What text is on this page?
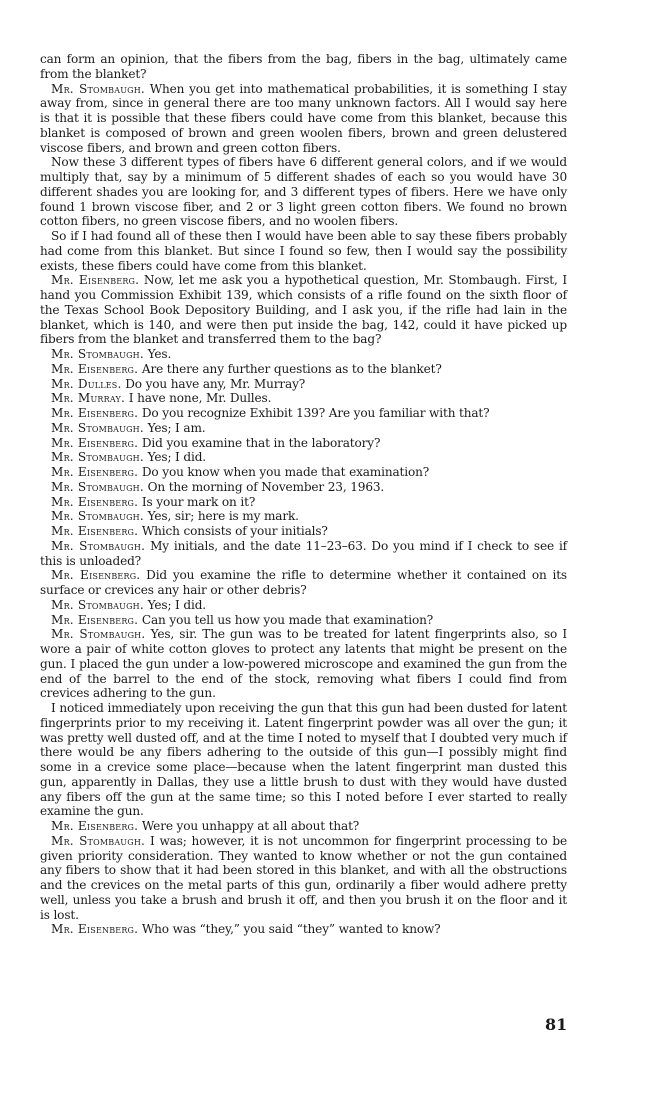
can form an opinion, that the fibers from the bag, fibers in the bag, ultimately came from the blanket?

Mr. Stombaugh. When you get into mathematical probabilities, it is something I stay away from, since in general there are too many unknown factors. All I would say here is that it is possible that these fibers could have come from this blanket, because this blanket is composed of brown and green woolen fibers, brown and green delustered viscose fibers, and brown and green cotton fibers.

Now these 3 different types of fibers have 6 different general colors, and if we would multiply that, say by a minimum of 5 different shades of each so you would have 30 different shades you are looking for, and 3 different types of fibers. Here we have only found 1 brown viscose fiber, and 2 or 3 light green cotton fibers. We found no brown cotton fibers, no green viscose fibers, and no woolen fibers.

So if I had found all of these then I would have been able to say these fibers probably had come from this blanket. But since I found so few, then I would say the possibility exists, these fibers could have come from this blanket.

Mr. Eisenberg. Now, let me ask you a hypothetical question, Mr. Stombaugh. First, I hand you Commission Exhibit 139, which consists of a rifle found on the sixth floor of the Texas School Book Depository Building, and I ask you, if the rifle had lain in the blanket, which is 140, and were then put inside the bag, 142, could it have picked up fibers from the blanket and transferred them to the bag?

Mr. Stombaugh. Yes.

Mr. Eisenberg. Are there any further questions as to the blanket?

Mr. Dulles. Do you have any, Mr. Murray?

Mr. Murray. I have none, Mr. Dulles.

Mr. Eisenberg. Do you recognize Exhibit 139? Are you familiar with that?

Mr. Stombaugh. Yes; I am.

Mr. Eisenberg. Did you examine that in the laboratory?

Mr. Stombaugh. Yes; I did.

Mr. Eisenberg. Do you know when you made that examination?

Mr. Stombaugh. On the morning of November 23, 1963.

Mr. Eisenberg. Is your mark on it?

Mr. Stombaugh. Yes, sir; here is my mark.

Mr. Eisenberg. Which consists of your initials?

Mr. Stombaugh. My initials, and the date 11–23–63. Do you mind if I check to see if this is unloaded?

Mr. Eisenberg. Did you examine the rifle to determine whether it contained on its surface or crevices any hair or other debris?

Mr. Stombaugh. Yes; I did.

Mr. Eisenberg. Can you tell us how you made that examination?

Mr. Stombaugh. Yes, sir. The gun was to be treated for latent fingerprints also, so I wore a pair of white cotton gloves to protect any latents that might be present on the gun. I placed the gun under a low-powered microscope and examined the gun from the end of the barrel to the end of the stock, removing what fibers I could find from crevices adhering to the gun.

I noticed immediately upon receiving the gun that this gun had been dusted for latent fingerprints prior to my receiving it. Latent fingerprint powder was all over the gun; it was pretty well dusted off, and at the time I noted to myself that I doubted very much if there would be any fibers adhering to the outside of this gun—I possibly might find some in a crevice some place—because when the latent fingerprint man dusted this gun, apparently in Dallas, they use a little brush to dust with they would have dusted any fibers off the gun at the same time; so this I noted before I ever started to really examine the gun.

Mr. Eisenberg. Were you unhappy at all about that?

Mr. Stombaugh. I was; however, it is not uncommon for fingerprint processing to be given priority consideration. They wanted to know whether or not the gun contained any fibers to show that it had been stored in this blanket, and with all the obstructions and the crevices on the metal parts of this gun, ordinarily a fiber would adhere pretty well, unless you take a brush and brush it off, and then you brush it on the floor and it is lost.

Mr. Eisenberg. Who was “they,” you said “they” wanted to know?

81
